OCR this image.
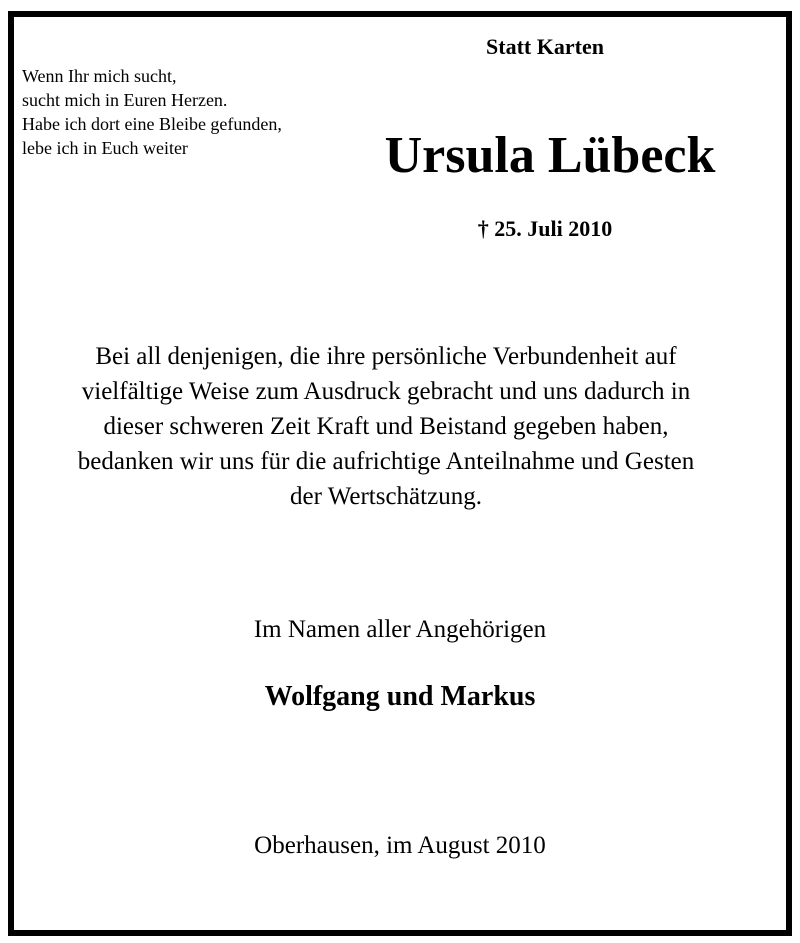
Wenn Ihr mich sucht,
sucht mich in Euren Herzen.
Habe ich dort eine Bleibe gefunden,
lebe ich in Euch weiter
Statt Karten
Ursula Lübeck
† 25. Juli 2010
Bei all denjenigen, die ihre persönliche Verbundenheit auf
vielfältige Weise zum Ausdruck gebracht und uns dadurch in
dieser schweren Zeit Kraft und Beistand gegeben haben,
bedanken wir uns für die aufrichtige Anteilnahme und Gesten
der Wertschätzung.
Im Namen aller Angehörigen
Wolfgang und Markus
Oberhausen, im August 2010
